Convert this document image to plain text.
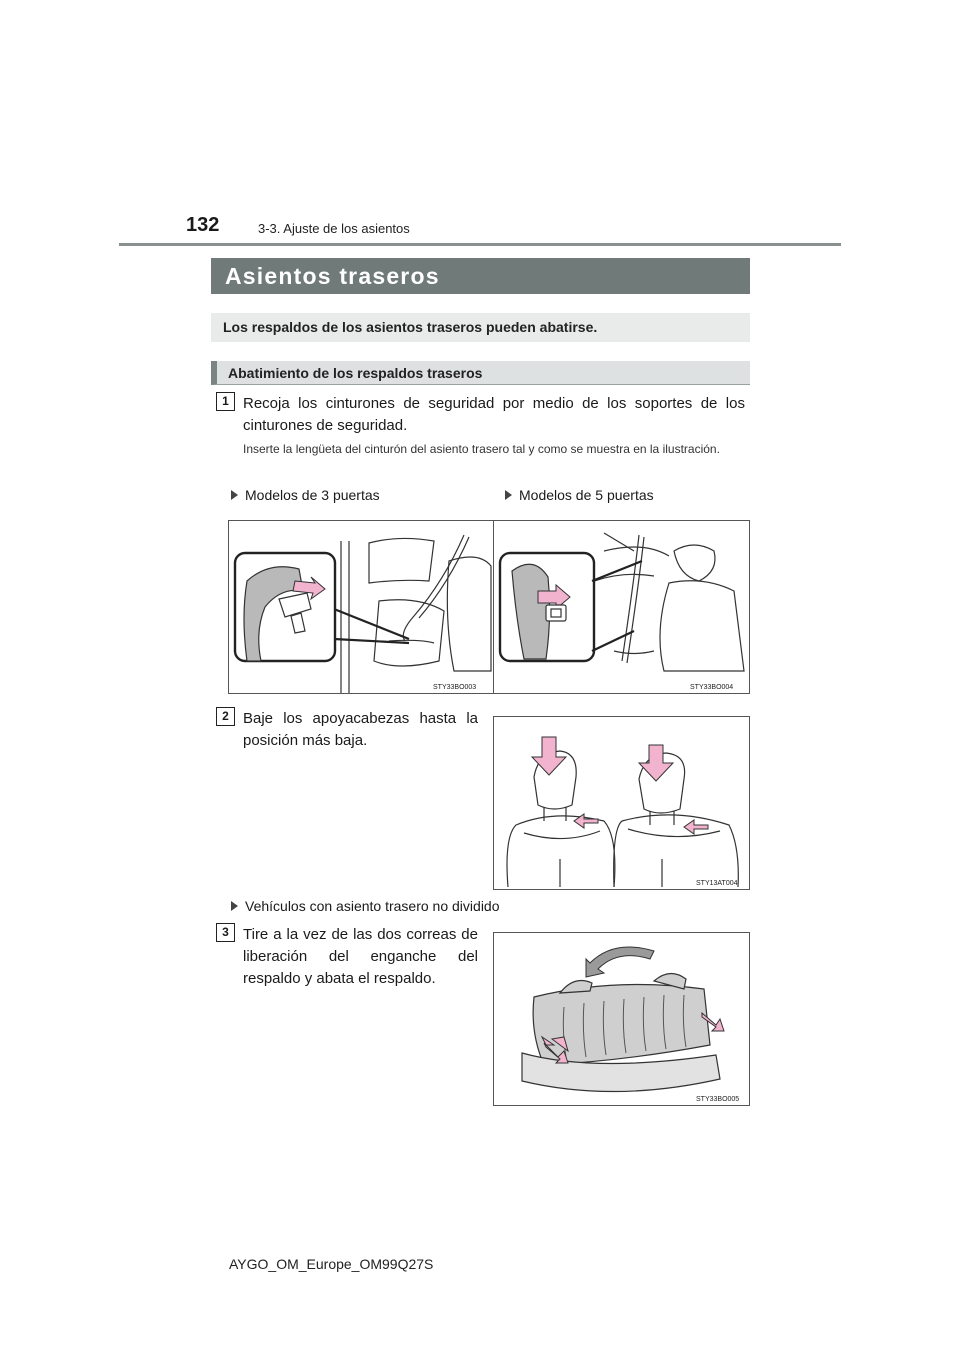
132	3-3. Ajuste de los asientos
Asientos traseros
Los respaldos de los asientos traseros pueden abatirse.
Abatimiento de los respaldos traseros
1 Recoja los cinturones de seguridad por medio de los soportes de los cinturones de seguridad.
Inserte la lengüeta del cinturón del asiento trasero tal y como se muestra en la ilustración.
Modelos de 3 puertas	Modelos de 5 puertas
STY33BO003	STY33BO004
2 Baje los apoyacabezas hasta la posición más baja.
STY13AT004
Vehículos con asiento trasero no dividido
3 Tire a la vez de las dos correas de liberación del enganche del respaldo y abata el respaldo.
STY33BO005
AYGO_OM_Europe_OM99Q27S
